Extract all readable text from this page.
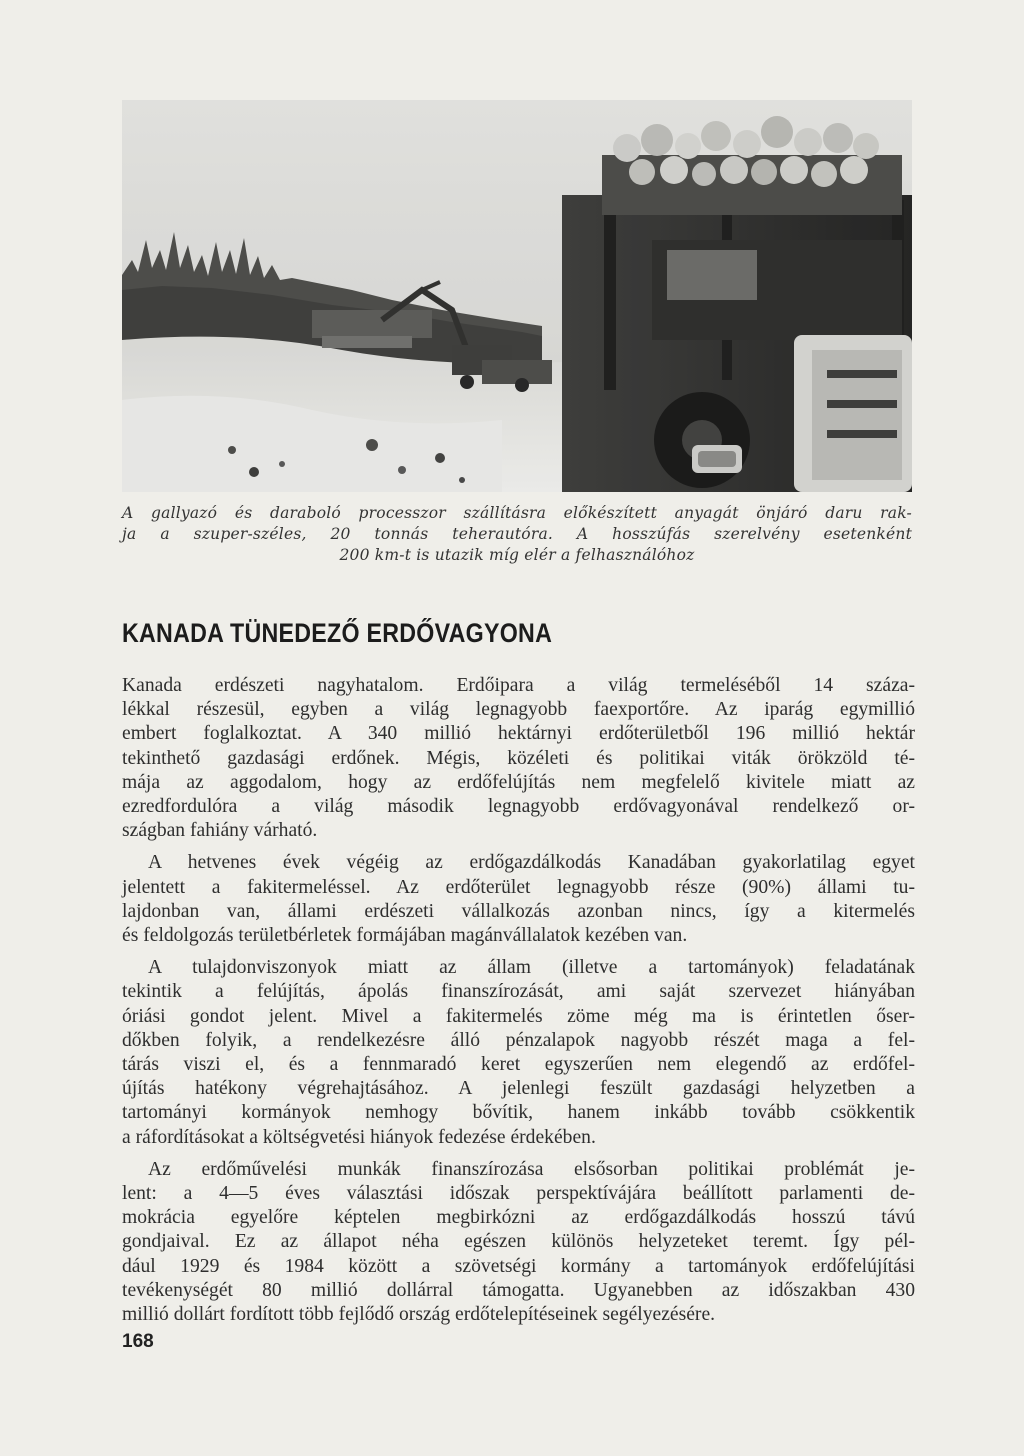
A gallyazó és daraboló processzor szállításra előkészített anyagát önjáró daru rak-
ja a szuper-széles, 20 tonnás teherautóra. A hosszúfás szerelvény esetenként
200 km-t is utazik míg elér a felhasználóhoz
KANADA TÜNEDEZŐ ERDŐVAGYONA
Kanada erdészeti nagyhatalom. Erdőipara a világ termeléséből 14 száza-
lékkal részesül, egyben a világ legnagyobb faexportőre. Az iparág egymillió
embert foglalkoztat. A 340 millió hektárnyi erdőterületből 196 millió hektár
tekinthető gazdasági erdőnek. Mégis, közéleti és politikai viták örökzöld té-
mája az aggodalom, hogy az erdőfelújítás nem megfelelő kivitele miatt az
ezredfordulóra a világ második legnagyobb erdővagyonával rendelkező or-
szágban fahiány várható.
A hetvenes évek végéig az erdőgazdálkodás Kanadában gyakorlatilag egyet
jelentett a fakitermeléssel. Az erdőterület legnagyobb része (90%) állami tu-
lajdonban van, állami erdészeti vállalkozás azonban nincs, így a kitermelés
és feldolgozás területbérletek formájában magánvállalatok kezében van.
A tulajdonviszonyok miatt az állam (illetve a tartományok) feladatának
tekintik a felújítás, ápolás finanszírozását, ami saját szervezet hiányában
óriási gondot jelent. Mivel a fakitermelés zöme még ma is érintetlen őser-
dőkben folyik, a rendelkezésre álló pénzalapok nagyobb részét maga a fel-
tárás viszi el, és a fennmaradó keret egyszerűen nem elegendő az erdőfel-
újítás hatékony végrehajtásához. A jelenlegi feszült gazdasági helyzetben a
tartományi kormányok nemhogy bővítik, hanem inkább tovább csökkentik
a ráfordításokat a költségvetési hiányok fedezése érdekében.
Az erdőművelési munkák finanszírozása elsősorban politikai problémát je-
lent: a 4—5 éves választási időszak perspektívájára beállított parlamenti de-
mokrácia egyelőre képtelen megbirkózni az erdőgazdálkodás hosszú távú
gondjaival. Ez az állapot néha egészen különös helyzeteket teremt. Így pél-
dául 1929 és 1984 között a szövetségi kormány a tartományok erdőfelújítási
tevékenységét 80 millió dollárral támogatta. Ugyanebben az időszakban 430
millió dollárt fordított több fejlődő ország erdőtelepítéseinek segélyezésére.
168
